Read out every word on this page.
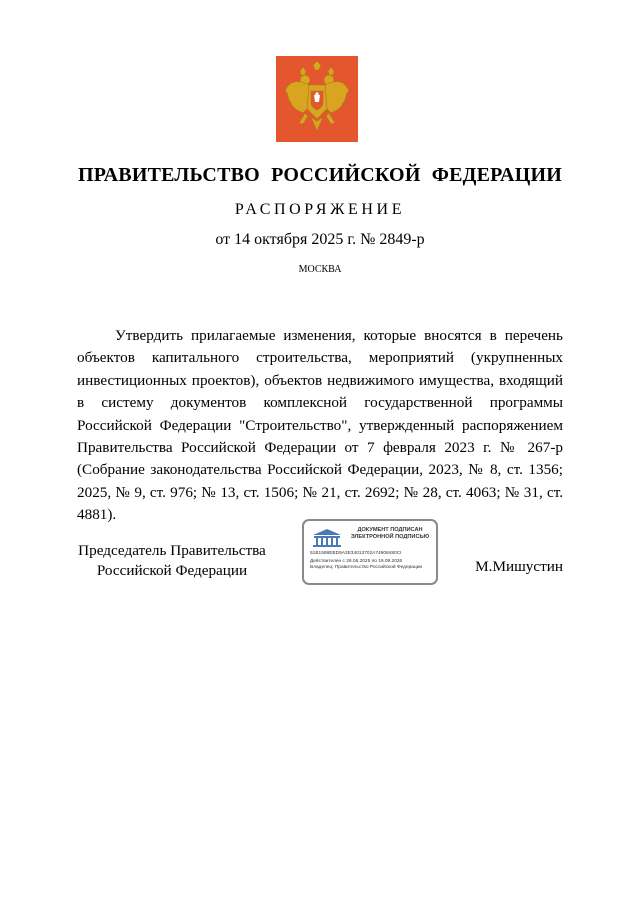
ПРАВИТЕЛЬСТВО РОССИЙСКОЙ ФЕДЕРАЦИИ
РАСПОРЯЖЕНИЕ
от 14 октября 2025 г. № 2849-р
МОСКВА

Утвердить прилагаемые изменения, которые вносятся в перечень объектов капитального строительства, мероприятий (укрупненных инвестиционных проектов), объектов недвижимого имущества, входящий в систему документов комплексной государственной программы Российской Федерации "Строительство", утвержденный распоряжением Правительства Российской Федерации от 7 февраля 2023 г. № 267-р (Собрание законодательства Российской Федерации, 2023, № 8, ст. 1356; 2025, № 9, ст. 976; № 13, ст. 1506; № 21, ст. 2692; № 28, ст. 4063; № 31, ст. 4881).

Председатель Правительства
Российской Федерации
ДОКУМЕНТ ПОДПИСАН
ЭЛЕКТРОННОЙ ПОДПИСЬЮ
51B1588EBD9A3E34013702A74908480CI
Действителен с 26.06.2025 по 19.09.2026
Владелец: Правительство Российской Федерации	М.Мишустин
